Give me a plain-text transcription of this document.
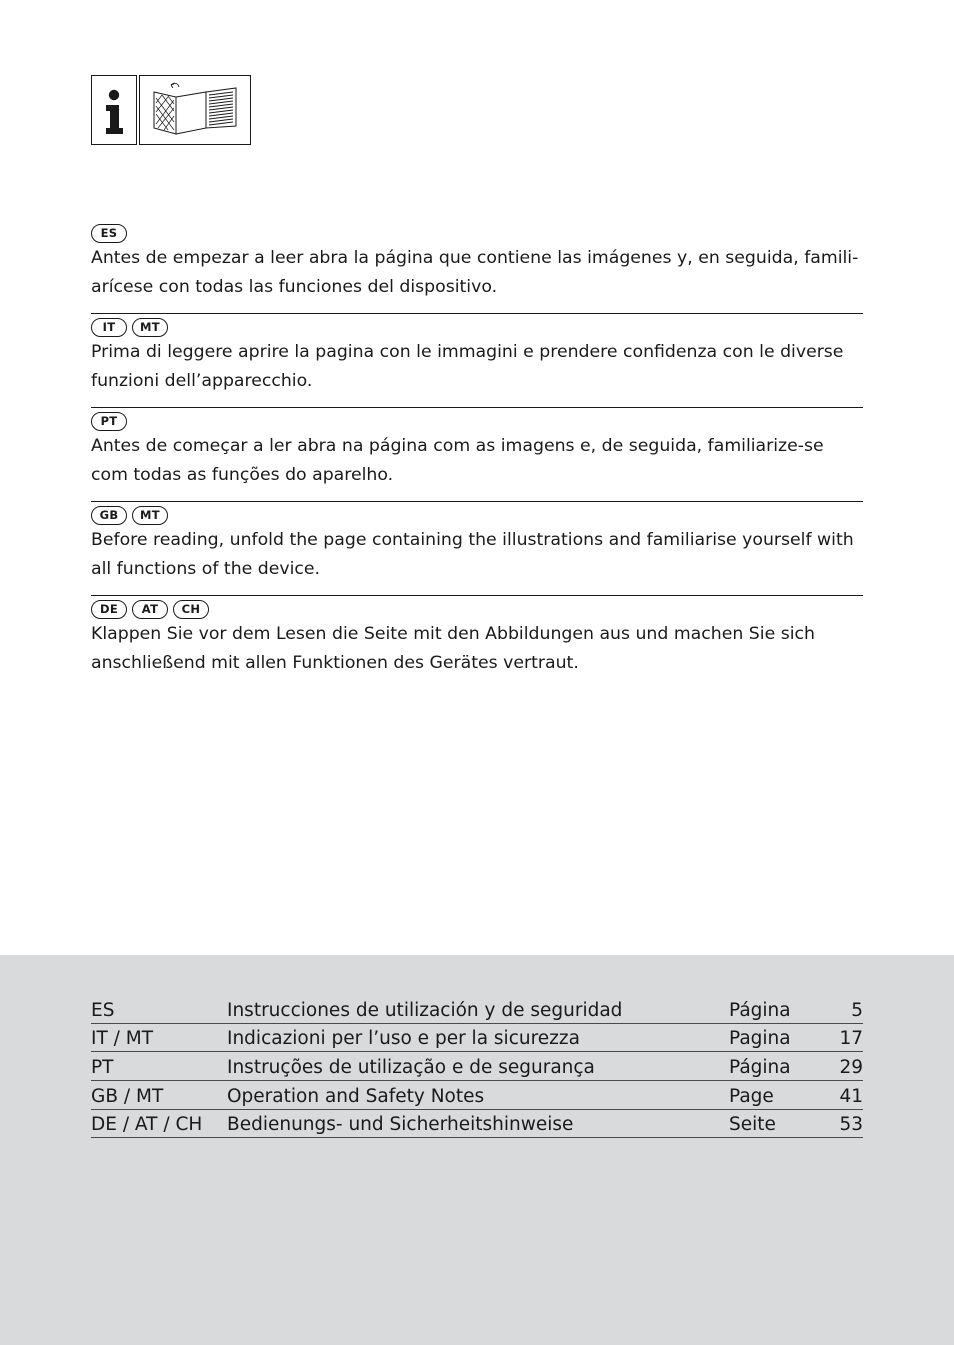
ES

Antes de empezar a leer abra la página que contiene las imágenes y, en seguida, famili-arícese con todas las funciones del dispositivo.

IT	MT

Prima di leggere aprire la pagina con le immagini e prendere confidenza con le diverse funzioni dell’apparecchio.

PT

Antes de começar a ler abra na página com as imagens e, de seguida, familiarize-se com todas as funções do aparelho.

GB	MT

Before reading, unfold the page containing the illustrations and familiarise yourself with all functions of the device.

DE	AT	CH

Klappen Sie vor dem Lesen die Seite mit den Abbildungen aus und machen Sie sich anschließend mit allen Funktionen des Gerätes vertraut.

ES	Instrucciones de utilización y de seguridad	Página	5
IT / MT	Indicazioni per l’uso e per la sicurezza	Pagina	17
PT	Instruções de utilização e de segurança	Página	29
GB / MT	Operation and Safety Notes	Page	41
DE / AT / CH	Bedienungs- und Sicherheitshinweise	Seite	53
